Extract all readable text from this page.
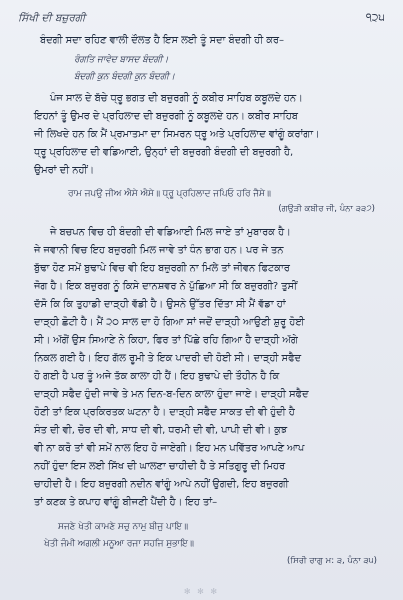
ਸਿੱਖੀ ਦੀ ਬਜ਼ੁਰਗੀ	੧੨੫
ਬੰਦਗੀ ਸਦਾ ਰਹਿਣ ਵਾਲੀ ਦੌਲਤ ਹੈ ਇਸ ਲਈ ਤੂੰ ਸਦਾ ਬੰਦਗੀ ਹੀ ਕਰ–
ਰੰਗਤਿ ਜਾਵੇਦ ਬਾਸਦ ਬੰਦਗੀ।
ਬੰਦਗੀ ਕੁਨ ਬੰਦਗੀ ਕੁਨ ਬੰਦਗੀ।
ਪੰਜ ਸਾਲ ਦੇ ਬੱਚੇ ਧ੍ਰੂ ਭਗਤ ਦੀ ਬਜ਼ੁਰਗੀ ਨੂੰ ਕਬੀਰ ਸਾਹਿਬ ਕਬੂਲਦੇ ਹਨ।
ਇਹਨਾਂ ਤੂੰ ਉਮਰ ਦੇ ਪ੍ਰਹਿਲਾਦ ਦੀ ਬਜ਼ੁਰਗੀ ਨੂੰ ਕਬੂਲਦੇ ਹਨ। ਕਬੀਰ ਸਾਹਿਬ
ਜੀ ਲਿਖਦੇ ਹਨ ਕਿ ਮੈਂ ਪ੍ਰਮਾਤਮਾ ਦਾ ਸਿਮਰਨ ਧ੍ਰੂ ਅਤੇ ਪ੍ਰਹਿਲਾਦ ਵਾਂਗੂੰ ਕਰਾਂਗਾ।
ਧ੍ਰੂ ਪ੍ਰਹਿਲਾਦ ਦੀ ਵਡਿਆਈ, ਉਨ੍ਹਾਂ ਦੀ ਬਜ਼ੁਰਗੀ ਬੰਦਗੀ ਦੀ ਬਜ਼ੁਰਗੀ ਹੈ,
ਉਮਰਾਂ ਦੀ ਨਹੀਂ।
ਰਾਮ ਜਪਉ ਜੀਅ ਐਸੇ ਐਸੇ॥ ਧ੍ਰੂ ਪ੍ਰਹਿਲਾਦ ਜਪਿਓ ਹਰਿ ਜੈਸੇ॥
(ਗਉੜੀ ਕਬੀਰ ਜੀ, ਪੰਨਾ ੩੩੭)
ਜੇ ਬਚਪਨ ਵਿਚ ਹੀ ਬੰਦਗੀ ਦੀ ਵਡਿਆਈ ਮਿਲ ਜਾਏ ਤਾਂ ਮੁਬਾਰਕ ਹੈ।
ਜੇ ਜਵਾਨੀ ਵਿਚ ਇਹ ਬਜ਼ੁਰਗੀ ਮਿਲ ਜਾਵੇ ਤਾਂ ਧੰਨ ਭਾਗ ਹਨ। ਪਰ ਜੇ ਤਨ
ਬੁੱਢਾ ਹੋਣ ਸਮੇਂ ਬੁਢਾਪੇ ਵਿਚ ਵੀ ਇਹ ਬਜ਼ੁਰਗੀ ਨਾ ਮਿਲੇ ਤਾਂ ਜੀਵਨ ਫਿਟਕਾਰ
ਜੋਗ ਹੈ। ਇਕ ਬਜ਼ੁਰਗ ਨੂੰ ਕਿਸੇ ਦਾਨਸ਼ਵਰ ਨੇ ਪੁੱਛਿਆ ਸੀ ਕਿ ਬਜ਼ੁਰਗੀ? ਤੁਸੀਂ
ਦੱਸੋ ਕਿ ਕਿ ਤੁਹਾਡੀ ਦਾੜ੍ਹੀ ਵੱਡੀ ਹੈ। ਉਸਨੇ ਉੱਤਰ ਦਿੱਤਾ ਸੀ ਮੈਂ ਵੱਡਾ ਹਾਂ
ਦਾੜ੍ਹੀ ਛੋਟੀ ਹੈ। ਮੈਂ ੨੦ ਸਾਲ ਦਾ ਹੋ ਗਿਆ ਸਾਂ ਜਦੋਂ ਦਾੜ੍ਹੀ ਆਉਣੀ ਸ਼ੁਰੂ ਹੋਈ
ਸੀ। ਅੱਗੋਂ ਉਸ ਸਿਆਣੇ ਨੇ ਕਿਹਾ, ਫਿਰ ਤਾਂ ਪਿੱਛੇ ਰਹਿ ਗਿਆ ਹੈ ਦਾੜ੍ਹੀ ਅੱਗੇ
ਨਿਕਲ ਗਈ ਹੈ। ਇਹ ਗੱਲ ਰੂਮੀ ਤੇ ਇਕ ਪਾਦਰੀ ਦੀ ਹੋਈ ਸੀ। ਦਾੜ੍ਹੀ ਸਫੈਦ
ਹੋ ਗਈ ਹੈ ਪਰ ਤੂੰ ਅਜੇ ਤੱਕ ਕਾਲਾ ਹੀ ਹੈਂ। ਇਹ ਬੁਢਾਪੇ ਦੀ ਤੌਹੀਨ ਹੈ ਕਿ
ਦਾੜ੍ਹੀ ਸਫੈਦ ਹੁੰਦੀ ਜਾਵੇ ਤੇ ਮਨ ਦਿਨ-ਬ-ਦਿਨ ਕਾਲਾ ਹੁੰਦਾ ਜਾਏ। ਦਾੜ੍ਹੀ ਸਫੈਦ
ਹੋਣੀ ਤਾਂ ਇਕ ਪ੍ਰਕਿਰਤਕ ਘਟਨਾ ਹੈ। ਦਾੜ੍ਹੀ ਸਫੈਦ ਸਾਕਤ ਦੀ ਵੀ ਹੁੰਦੀ ਹੈ
ਸੰਤ ਦੀ ਵੀ, ਚੋਰ ਦੀ ਵੀ, ਸਾਧ ਦੀ ਵੀ, ਧਰਮੀ ਦੀ ਵੀ, ਪਾਪੀ ਦੀ ਵੀ। ਕੁਝ
ਵੀ ਨਾ ਕਰੋ ਤਾਂ ਵੀ ਸਮੇਂ ਨਾਲ ਇਹ ਹੋ ਜਾਏਗੀ। ਇਹ ਮਨ ਪਵਿੱਤਰ ਆਪਣੇ ਆਪ
ਨਹੀਂ ਹੁੰਦਾ ਇਸ ਲਈ ਸਿੱਖ ਦੀ ਘਾਲਣਾ ਚਾਹੀਦੀ ਹੈ ਤੇ ਸਤਿਗੁਰੂ ਦੀ ਮਿਹਰ
ਚਾਹੀਦੀ ਹੈ। ਇਹ ਬਜ਼ੁਰਗੀ ਨਦੀਨ ਵਾਂਗੂੰ ਆਪੇ ਨਹੀਂ ਉਗਦੀ, ਇਹ ਬਜ਼ੁਰਗੀ
ਤਾਂ ਕਣਕ ਤੇ ਕਪਾਹ ਵਾਂਗੂੰ ਬੀਜਣੀ ਪੈਂਦੀ ਹੈ। ਇਹ ਤਾਂ–
ਸਜਣੇ ਖੇਤੀ ਕਾਮਣੇ ਸਚੁ ਨਾਮੁ ਬੀਜੁ ਪਾਇ॥
ਖੇਤੀ ਜੰਮੀ ਅਗਲੀ ਮਨੂਆ ਰਜਾ ਸਹਜਿ ਸੁਭਾਇ॥
(ਸਿਰੀ ਰਾਗੁ ਮ: ੩, ਪੰਨਾ ੩੫)
✻ ✻ ✻
